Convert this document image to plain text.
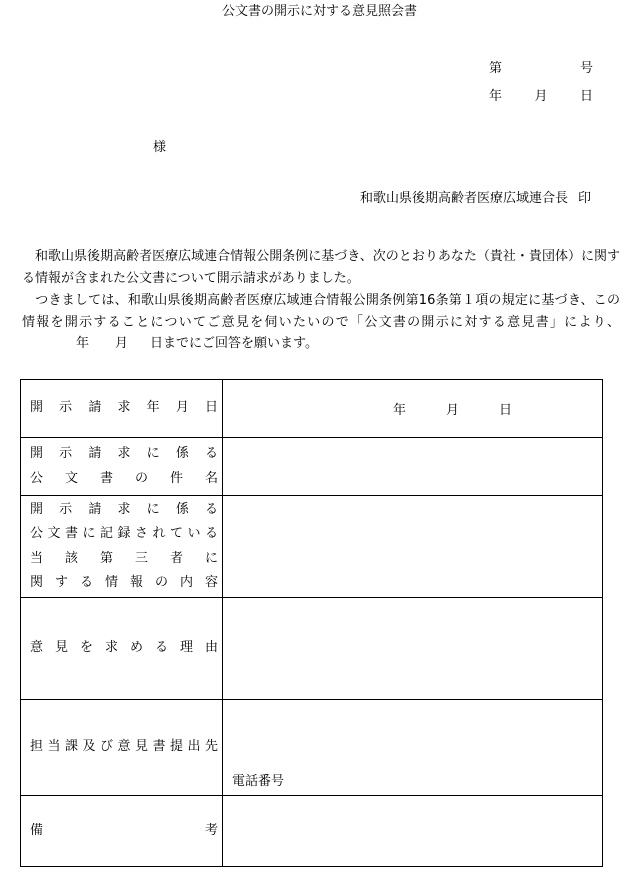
公文書の開示に対する意見照会書
第	号
年 月 日
様
和歌山県後期高齢者医療広域連合長 印
　和歌山県後期高齢者医療広域連合情報公開条例に基づき、次のとおりあなた（貴社・貴団体）に関する情報が含まれた公文書について開示請求がありました。
　つきましては、和歌山県後期高齢者医療広域連合情報公開条例第16条第１項の規定に基づき、この情報を開示することについてご意見を伺いたいので「公文書の開示に対する意見書」により、年 月 日までにご回答を願います。
開示請求年月日	年 月 日

開示請求に係る
公文書の件名	

開示請求に係る
公文書に記録されている
当該第三者に
関する情報の内容	

意見を求める理由	

担当課及び意見書提出先	電話番号

備考	
